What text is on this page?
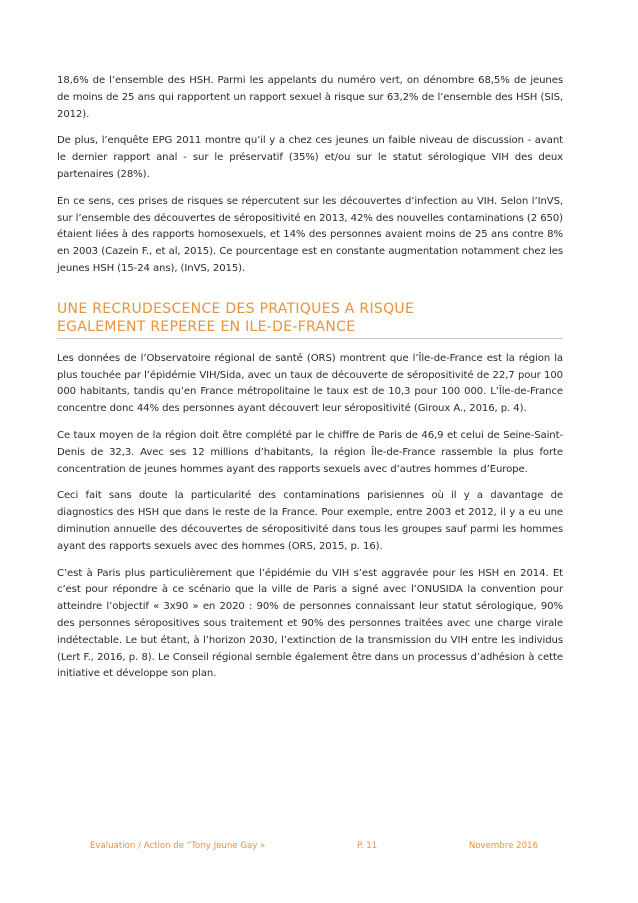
18,6% de l’ensemble des HSH. Parmi les appelants du numéro vert, on dénombre 68,5% de jeunes de moins de 25 ans qui rapportent un rapport sexuel à risque sur 63,2% de l’ensemble des HSH (SIS, 2012).

De plus, l’enquête EPG 2011 montre qu’il y a chez ces jeunes un faible niveau de discussion - avant le dernier rapport anal - sur le préservatif (35%) et/ou sur le statut sérologique VIH des deux partenaires (28%).

En ce sens, ces prises de risques se répercutent sur les découvertes d’infection au VIH. Selon l’InVS, sur l’ensemble des découvertes de séropositivité en 2013, 42% des nouvelles contaminations (2 650) étaient liées à des rapports homosexuels, et 14% des personnes avaient moins de 25 ans contre 8% en 2003 (Cazein F., et al, 2015). Ce pourcentage est en constante augmentation notamment chez les jeunes HSH (15-24 ans), (InVS, 2015).

UNE RECRUDESCENCE DES PRATIQUES A RISQUE
EGALEMENT REPEREE EN ILE-DE-FRANCE

Les données de l’Observatoire régional de santé (ORS) montrent que l’Île-de-France est la région la plus touchée par l’épidémie VIH/Sida, avec un taux de découverte de séropositivité de 22,7 pour 100 000 habitants, tandis qu’en France métropolitaine le taux est de 10,3 pour 100 000. L’Île-de-France concentre donc 44% des personnes ayant découvert leur séropositivité (Giroux A., 2016, p. 4).

Ce taux moyen de la région doit être complété par le chiffre de Paris de 46,9 et celui de Seine-Saint-Denis de 32,3. Avec ses 12 millions d’habitants, la région Île-de-France rassemble la plus forte concentration de jeunes hommes ayant des rapports sexuels avec d’autres hommes d’Europe.

Ceci fait sans doute la particularité des contaminations parisiennes où il y a davantage de diagnostics des HSH que dans le reste de la France. Pour exemple, entre 2003 et 2012, il y a eu une diminution annuelle des découvertes de séropositivité dans tous les groupes sauf parmi les hommes ayant des rapports sexuels avec des hommes (ORS, 2015, p. 16).

C’est à Paris plus particulièrement que l’épidémie du VIH s’est aggravée pour les HSH en 2014. Et c’est pour répondre à ce scénario que la ville de Paris a signé avec l’ONUSIDA la convention pour atteindre l’objectif « 3x90 » en 2020 : 90% de personnes connaissant leur statut sérologique, 90% des personnes séropositives sous traitement et 90% des personnes traitées avec une charge virale indétectable. Le but étant, à l’horizon 2030, l’extinction de la transmission du VIH entre les individus (Lert F., 2016, p. 8). Le Conseil régional semble également être dans un processus d’adhésion à cette initiative et développe son plan.

Evaluation / Action de “Tony Jeune Gay »	P. 11	Novembre 2016
